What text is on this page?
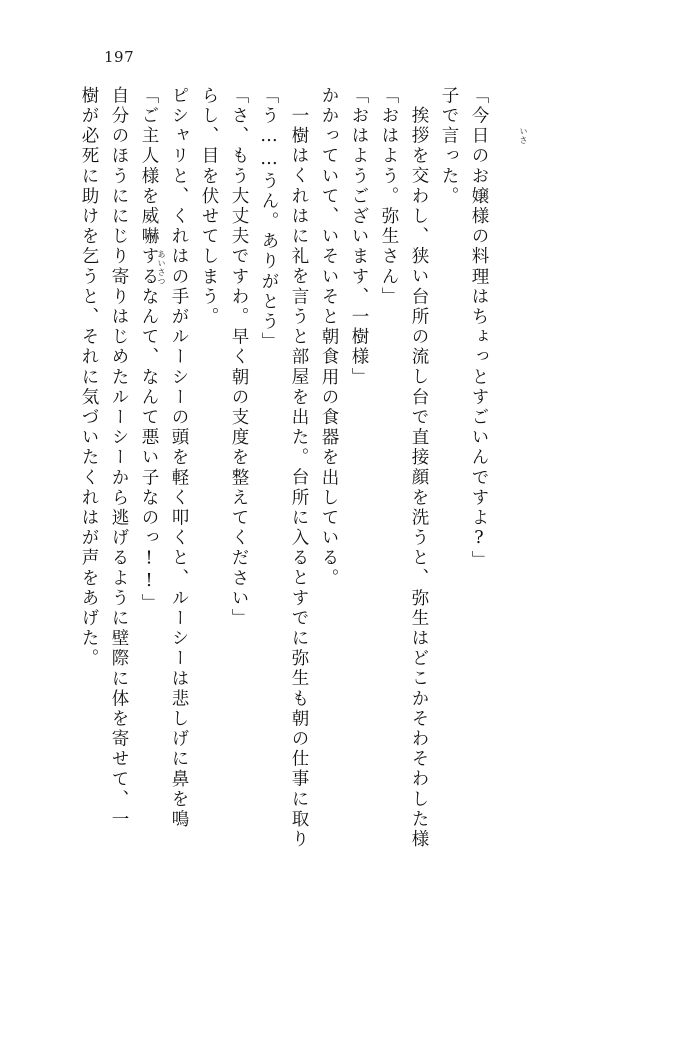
197
樹が必死に助けを乞うと、それに気づいたくれはが声をあげた。 自分のほうににじり寄りはじめたルーシーから逃げるように壁際に体を寄せて、一 「ご主人様を威嚇するなんて、なんて悪い子なのっ!!」 ピシャリと、くれはの手がルーシーの頭を軽く叩くと、ルーシーは悲しげに鼻を鳴 らし、目を伏せてしまう。 「さ、もう大丈夫ですわ。早く朝の支度を整えてください」 「う……うん。ありがとう」 一樹はくれはに礼を言うと部屋を出た。台所に入るとすでに弥生も朝の仕事に取り かかっていて、いそいそと朝食用の食器を出している。 「おはようございます、一樹様」 「おはよう。弥生さん」 挨拶を交わし、狭い台所の流し台で直接顔を洗うと、弥生はどこかそわそわした様 子で言った。 「今日のお嬢様の料理はちょっとすごいんですよ?」	いさ
あいさつ
